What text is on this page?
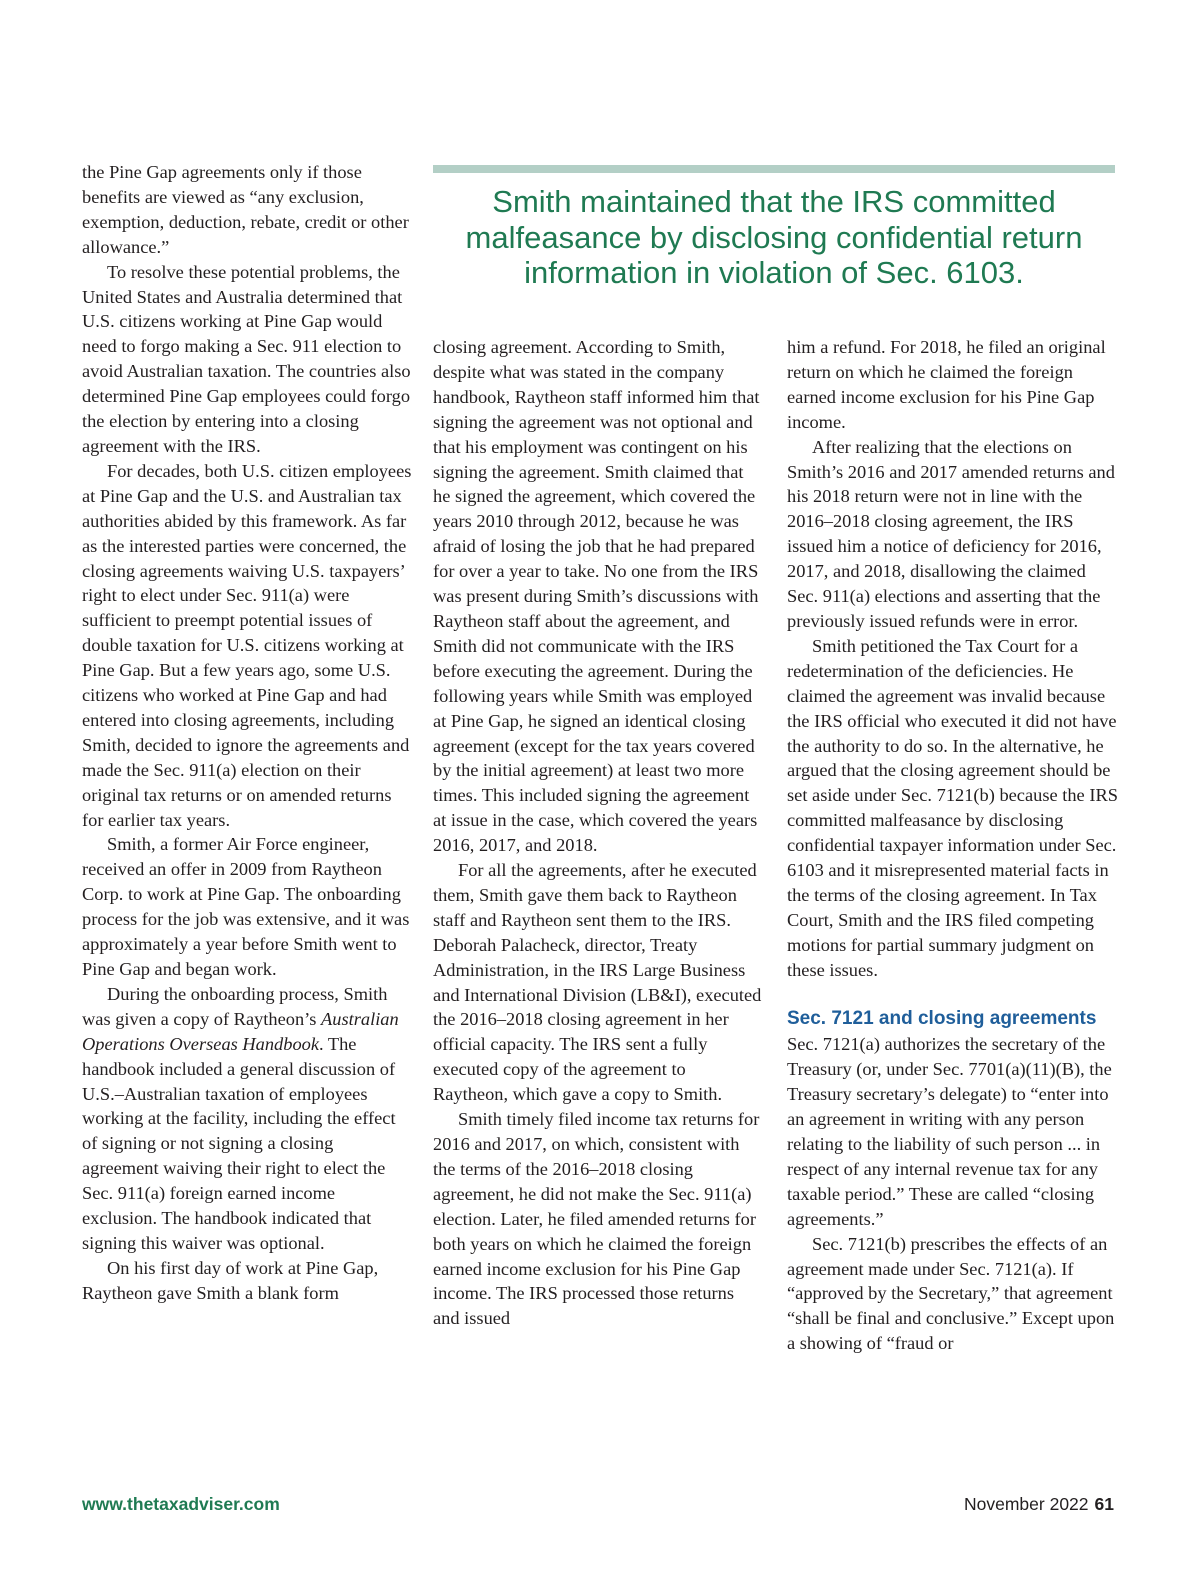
Smith maintained that the IRS committed malfeasance by disclosing confidential return information in violation of Sec. 6103.

the Pine Gap agreements only if those benefits are viewed as “any exclusion, exemption, deduction, rebate, credit or other allowance.”

To resolve these potential problems, the United States and Australia determined that U.S. citizens working at Pine Gap would need to forgo making a Sec. 911 election to avoid Australian taxation. The countries also determined Pine Gap employees could forgo the election by entering into a closing agreement with the IRS.

For decades, both U.S. citizen employees at Pine Gap and the U.S. and Australian tax authorities abided by this framework. As far as the interested parties were concerned, the closing agreements waiving U.S. taxpayers’ right to elect under Sec. 911(a) were sufficient to preempt potential issues of double taxation for U.S. citizens working at Pine Gap. But a few years ago, some U.S. citizens who worked at Pine Gap and had entered into closing agreements, including Smith, decided to ignore the agreements and made the Sec. 911(a) election on their original tax returns or on amended returns for earlier tax years.

Smith, a former Air Force engineer, received an offer in 2009 from Raytheon Corp. to work at Pine Gap. The onboarding process for the job was extensive, and it was approximately a year before Smith went to Pine Gap and began work.

During the onboarding process, Smith was given a copy of Raytheon’s Australian Operations Overseas Handbook. The handbook included a general discussion of U.S.–Australian taxation of employees working at the facility, including the effect of signing or not signing a closing agreement waiving their right to elect the Sec. 911(a) foreign earned income exclusion. The handbook indicated that signing this waiver was optional.

On his first day of work at Pine Gap, Raytheon gave Smith a blank form

closing agreement. According to Smith, despite what was stated in the company handbook, Raytheon staff informed him that signing the agreement was not optional and that his employment was contingent on his signing the agreement. Smith claimed that he signed the agreement, which covered the years 2010 through 2012, because he was afraid of losing the job that he had prepared for over a year to take. No one from the IRS was present during Smith’s discussions with Raytheon staff about the agreement, and Smith did not communicate with the IRS before executing the agreement. During the following years while Smith was employed at Pine Gap, he signed an identical closing agreement (except for the tax years covered by the initial agreement) at least two more times. This included signing the agreement at issue in the case, which covered the years 2016, 2017, and 2018.

For all the agreements, after he executed them, Smith gave them back to Raytheon staff and Raytheon sent them to the IRS. Deborah Palacheck, director, Treaty Administration, in the IRS Large Business and International Division (LB&I), executed the 2016–2018 closing agreement in her official capacity. The IRS sent a fully executed copy of the agreement to Raytheon, which gave a copy to Smith.

Smith timely filed income tax returns for 2016 and 2017, on which, consistent with the terms of the 2016–2018 closing agreement, he did not make the Sec. 911(a) election. Later, he filed amended returns for both years on which he claimed the foreign earned income exclusion for his Pine Gap income. The IRS processed those returns and issued

him a refund. For 2018, he filed an original return on which he claimed the foreign earned income exclusion for his Pine Gap income.

After realizing that the elections on Smith’s 2016 and 2017 amended returns and his 2018 return were not in line with the 2016–2018 closing agreement, the IRS issued him a notice of deficiency for 2016, 2017, and 2018, disallowing the claimed Sec. 911(a) elections and asserting that the previously issued refunds were in error.

Smith petitioned the Tax Court for a redetermination of the deficiencies. He claimed the agreement was invalid because the IRS official who executed it did not have the authority to do so. In the alternative, he argued that the closing agreement should be set aside under Sec. 7121(b) because the IRS committed malfeasance by disclosing confidential taxpayer information under Sec. 6103 and it misrepresented material facts in the terms of the closing agreement. In Tax Court, Smith and the IRS filed competing motions for partial summary judgment on these issues.

Sec. 7121 and closing agreements

Sec. 7121(a) authorizes the secretary of the Treasury (or, under Sec. 7701(a)(11)(B), the Treasury secretary’s delegate) to “enter into an agreement in writing with any person relating to the liability of such person ... in respect of any internal revenue tax for any taxable period.” These are called “closing agreements.”

Sec. 7121(b) prescribes the effects of an agreement made under Sec. 7121(a). If “approved by the Secretary,” that agreement “shall be final and conclusive.” Except upon a showing of “fraud or

www.thetaxadviser.com	November 2022 61
